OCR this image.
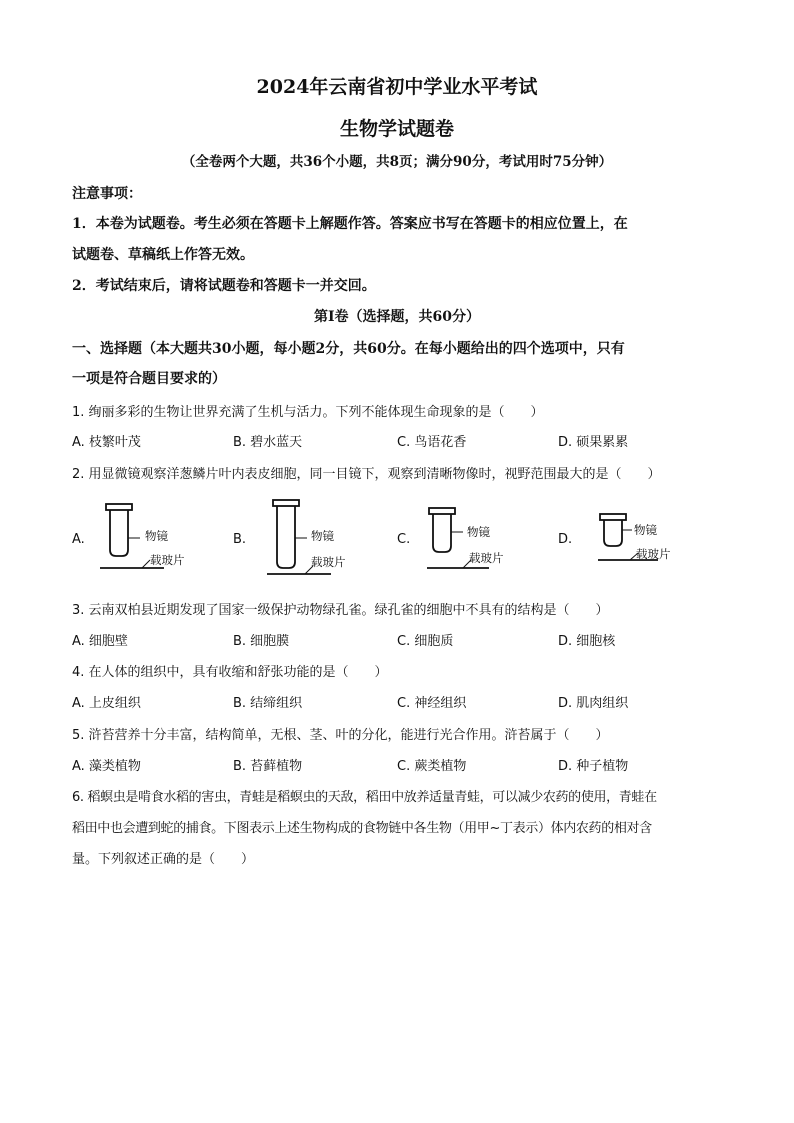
2024年云南省初中学业水平考试
生物学试题卷
（全卷两个大题，共36个小题，共8页；满分90分，考试用时75分钟）
注意事项：
1．本卷为试题卷。考生必须在答题卡上解题作答。答案应书写在答题卡的相应位置上，在
试题卷、草稿纸上作答无效。
2．考试结束后，请将试题卷和答题卡一并交回。
第Ⅰ卷（选择题，共60分）
一、选择题（本大题共30小题，每小题2分，共60分。在每小题给出的四个选项中，只有
一项是符合题目要求的）
1. 绚丽多彩的生物让世界充满了生机与活力。下列不能体现生命现象的是（　　）
A. 枝繁叶茂	B. 碧水蓝天	C. 鸟语花香	D. 硕果累累
2. 用显微镜观察洋葱鳞片叶内表皮细胞，同一目镜下，观察到清晰物像时，视野范围最大的是（　　）
A.	物镜
载玻片
B.	物镜
载玻片
C.	物镜
载玻片
D.
物镜
载玻片
3. 云南双柏县近期发现了国家一级保护动物绿孔雀。绿孔雀的细胞中不具有的结构是（　　）
A. 细胞壁	B. 细胞膜	C. 细胞质	D. 细胞核
4. 在人体的组织中，具有收缩和舒张功能的是（　　）
A. 上皮组织	B. 结缔组织	C. 神经组织	D. 肌肉组织
5. 浒苔营养十分丰富，结构简单，无根、茎、叶的分化，能进行光合作用。浒苔属于（　　）
A. 藻类植物	B. 苔藓植物	C. 蕨类植物	D. 种子植物
6. 稻螟虫是啃食水稻的害虫，青蛙是稻螟虫的天敌，稻田中放养适量青蛙，可以减少农药的使用，青蛙在
稻田中也会遭到蛇的捕食。下图表示上述生物构成的食物链中各生物（用甲~丁表示）体内农药的相对含
量。下列叙述正确的是（　　）
